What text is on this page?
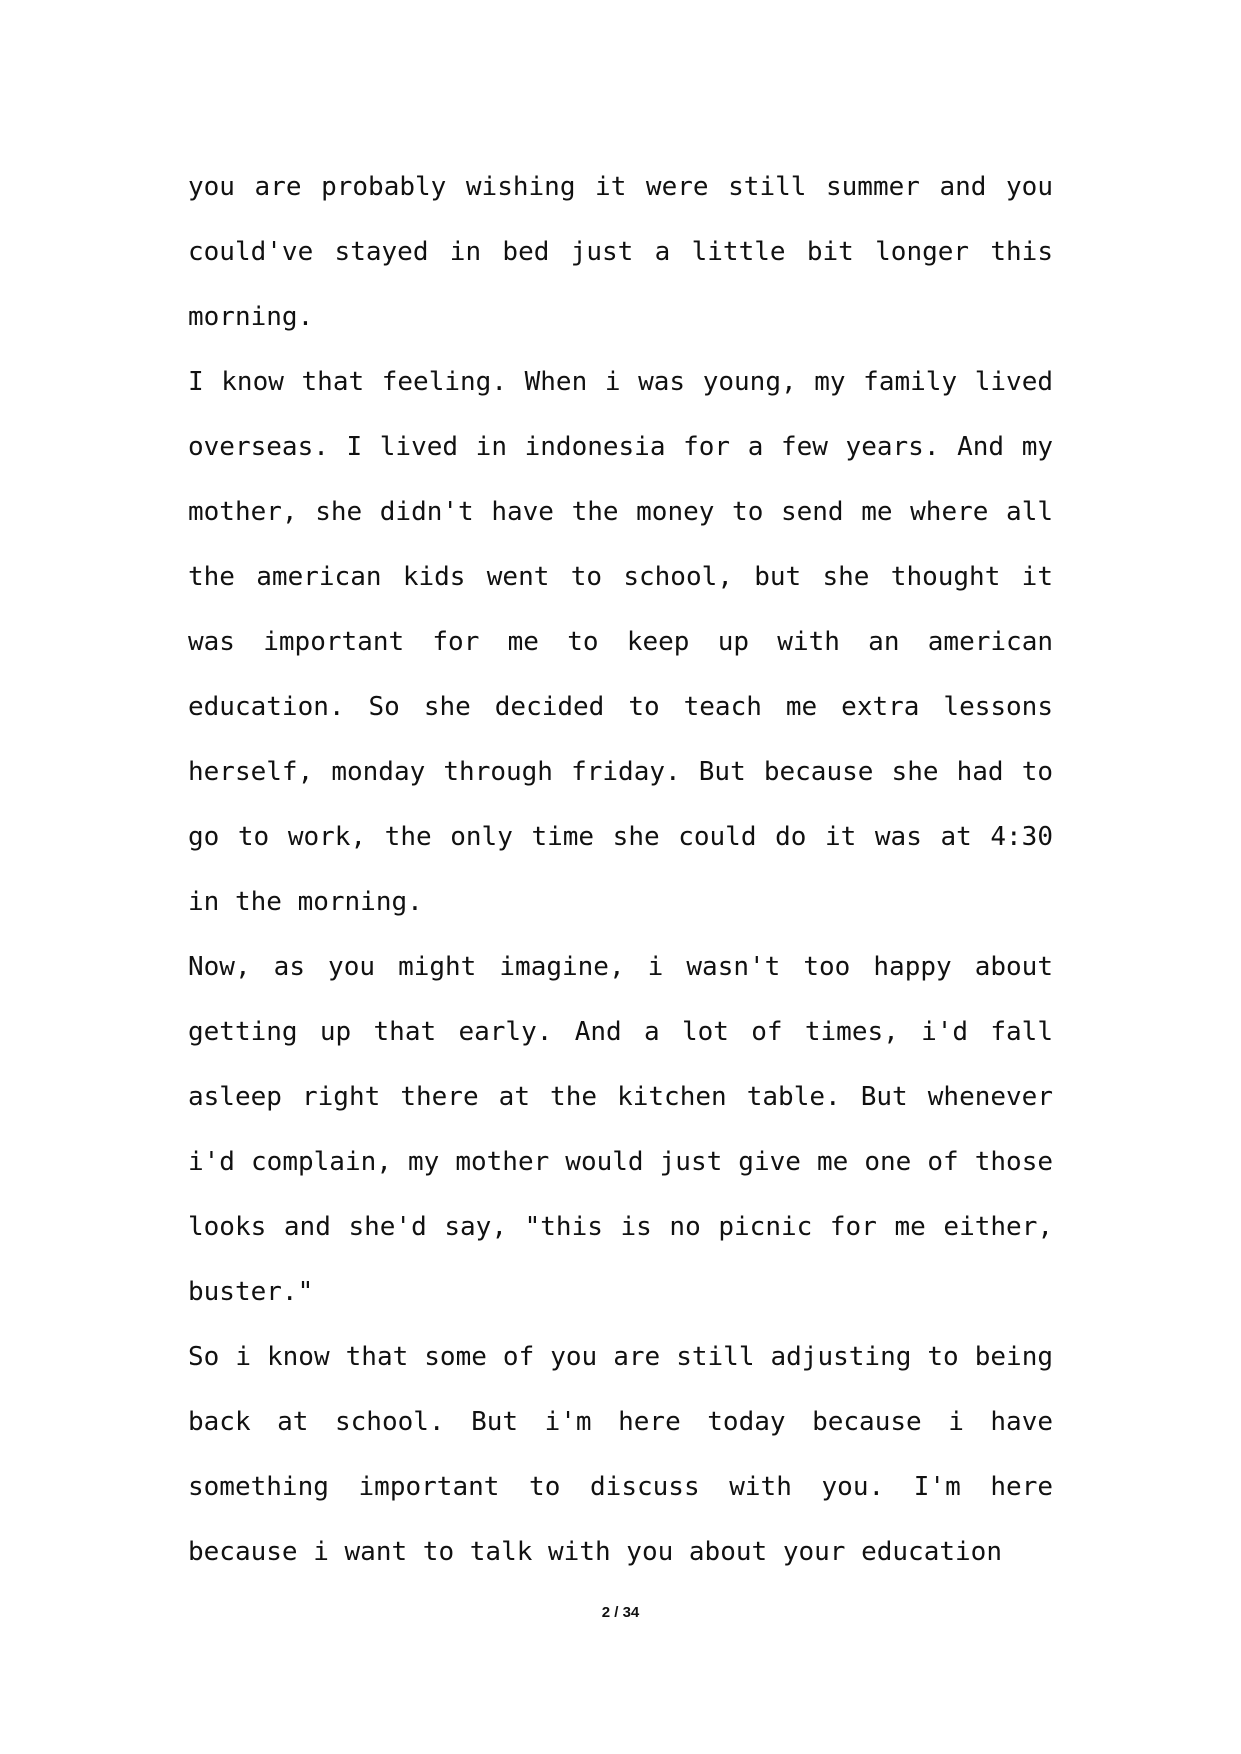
you are probably wishing it were still summer and you could've stayed in bed just a little bit longer this morning.

I know that feeling. When i was young, my family lived overseas. I lived in indonesia for a few years. And my mother, she didn't have the money to send me where all the american kids went to school, but she thought it was important for me to keep up with an american education. So she decided to teach me extra lessons herself, monday through friday. But because she had to go to work, the only time she could do it was at 4:30 in the morning.

Now, as you might imagine, i wasn't too happy about getting up that early. And a lot of times, i'd fall asleep right there at the kitchen table. But whenever i'd complain, my mother would just give me one of those looks and she'd say, "this is no picnic for me either, buster."

So i know that some of you are still adjusting to being back at school. But i'm here today because i have something important to discuss with you. I'm here because i want to talk with you about your education

2 / 34
